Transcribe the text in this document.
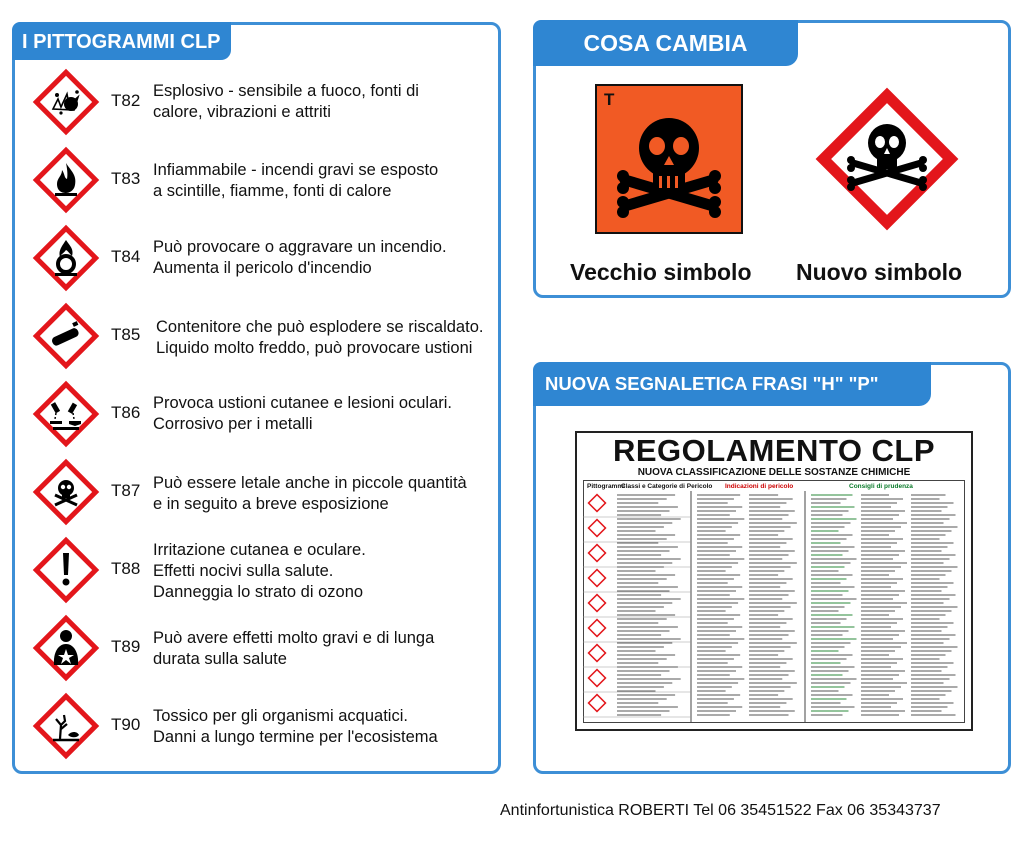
I PITTOGRAMMI CLP
T82 Esplosivo - sensibile a fuoco, fonti di
calore, vibrazioni e attriti
T83 Infiammabile - incendi gravi se esposto
a scintille, fiamme, fonti di calore
T84 Può provocare o aggravare un incendio.
Aumenta il pericolo d'incendio
T85 Contenitore che può esplodere se riscaldato.
Liquido molto freddo, può provocare ustioni
T86 Provoca ustioni cutanee e lesioni oculari.
Corrosivo per i metalli
T87 Può essere letale anche in piccole quantità
e in seguito a breve esposizione
T88
Irritazione cutanea e oculare.
Effetti nocivi sulla salute.
Danneggia lo strato di ozono
T89 Può avere effetti molto gravi e di lunga
durata sulla salute
T90 Tossico per gli organismi acquatici.
Danni a lungo termine per l'ecosistema
COSA CAMBIA
T
Vecchio simbolo Nuovo simbolo
NUOVA SEGNALETICA FRASI "H" "P"
REGOLAMENTO CLP
NUOVA CLASSIFICAZIONE DELLE SOSTANZE CHIMICHE
Pittogrammi
Classi e Categorie di Pericolo Indicazioni di pericolo	Consigli di prudenza
Antinfortunistica ROBERTI Tel 06 35451522 Fax 06 35343737
